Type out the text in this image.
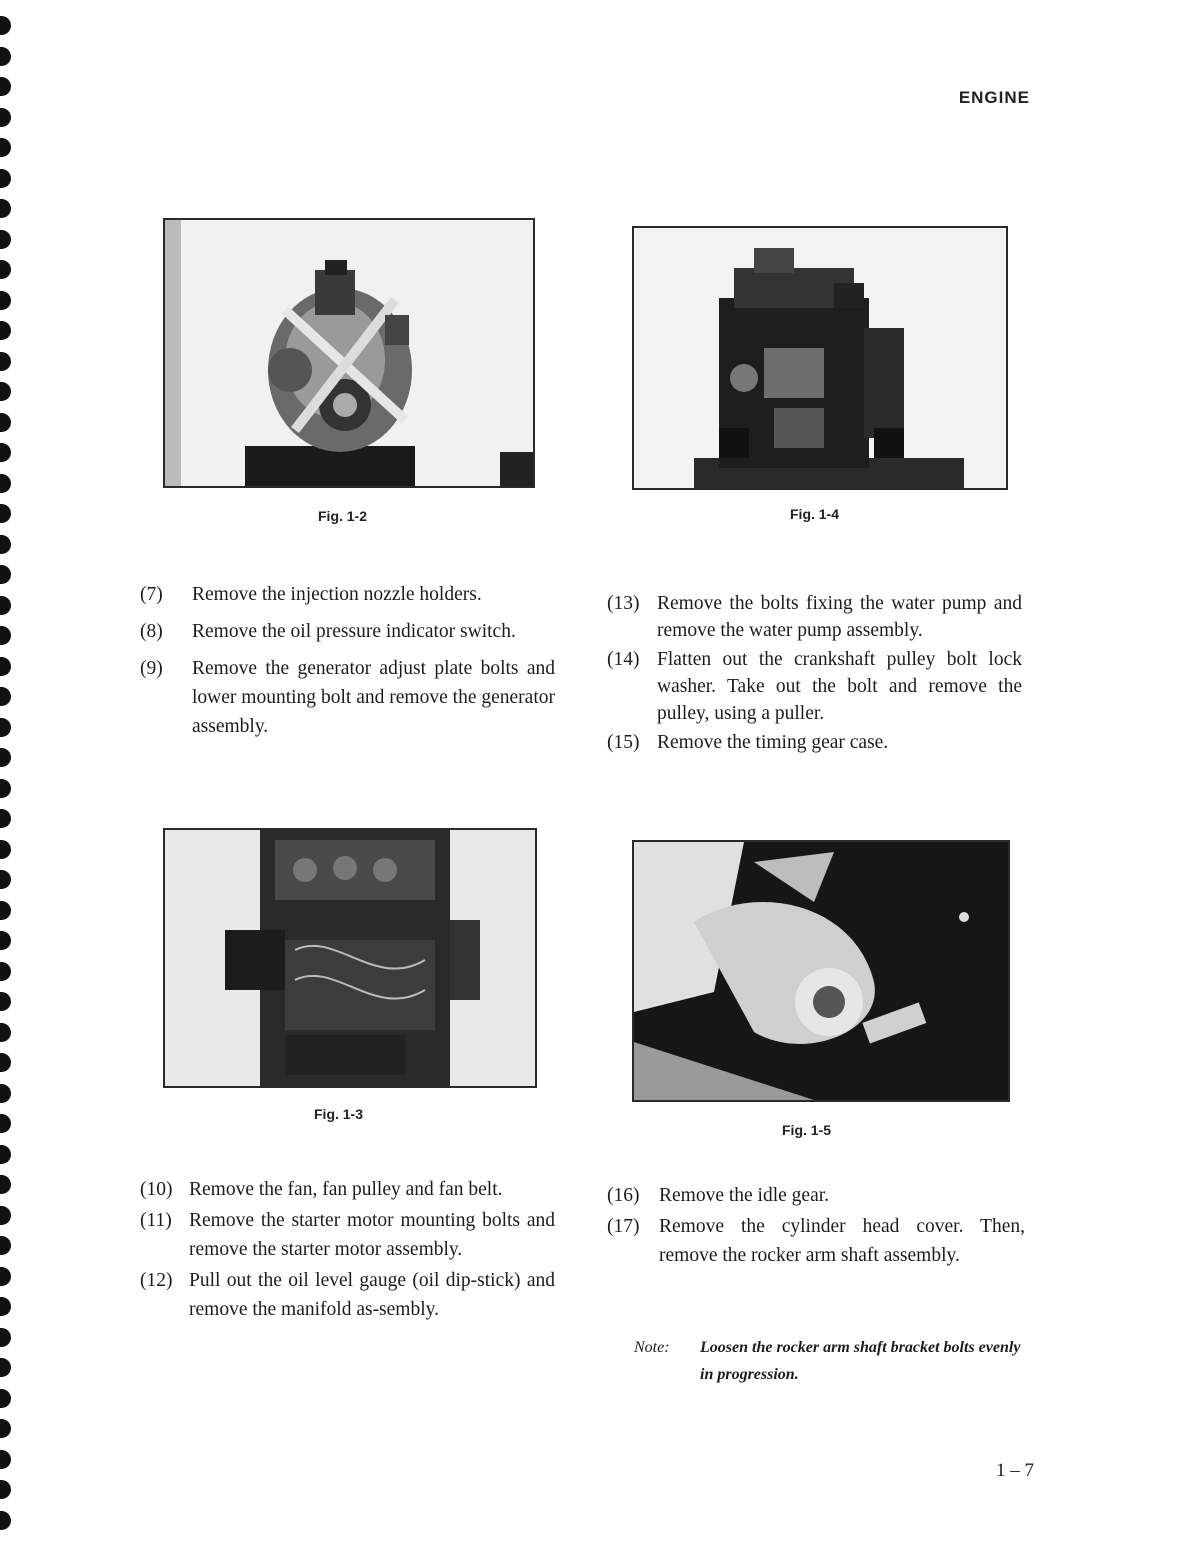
ENGINE
Fig. 1-2	Fig. 1-4
(7)	Remove the injection nozzle holders.
(8)	Remove the oil pressure indicator switch.
(9)	Remove the generator adjust plate bolts and lower mounting bolt and remove the generator assembly.
(13) Remove the bolts fixing the water pump and remove the water pump assembly.
(14) Flatten out the crankshaft pulley bolt lock washer. Take out the bolt and remove the pulley, using a puller.
(15) Remove the timing gear case.
Fig. 1-3
Fig. 1-5
(10) Remove the fan, fan pulley and fan belt.
(11) Remove the starter motor mounting bolts and remove the starter motor assembly.
(12) Pull out the oil level gauge (oil dip-stick) and remove the manifold as-sembly.
(16)	Remove the idle gear.
(17)	Remove the cylinder head cover. Then, remove the rocker arm shaft assembly.
Note: Loosen the rocker arm shaft bracket bolts evenly in progression.
1 – 7
